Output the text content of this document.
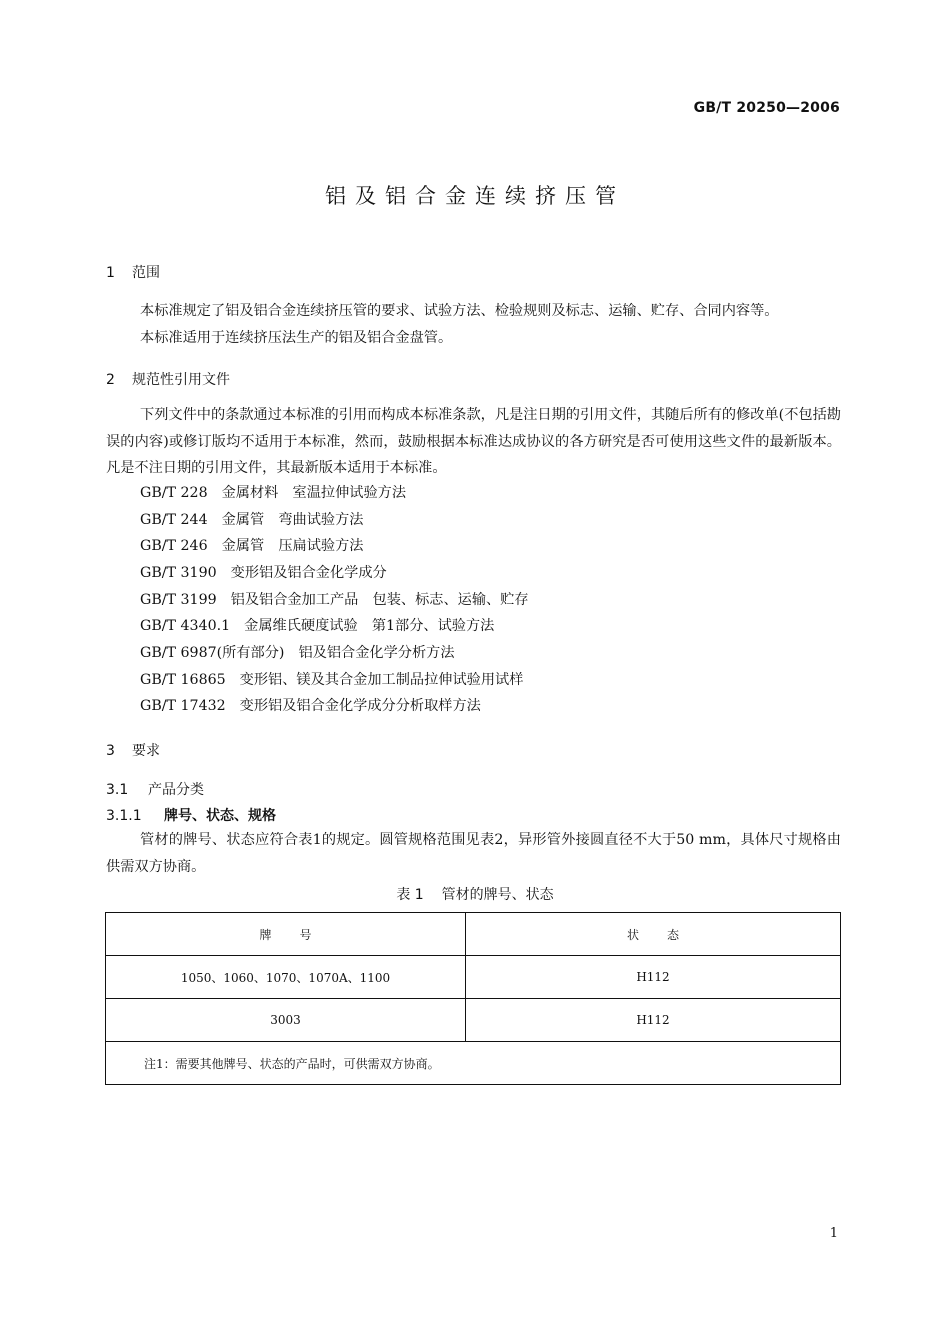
GB/T 20250—2006
铝及铝合金连续挤压管
1 范围
本标准规定了铝及铝合金连续挤压管的要求、试验方法、检验规则及标志、运输、贮存、合同内容等。
本标准适用于连续挤压法生产的铝及铝合金盘管。
2 规范性引用文件
下列文件中的条款通过本标准的引用而构成本标准条款，凡是注日期的引用文件，其随后所有的修改单(不包括勘误的内容)或修订版均不适用于本标准，然而，鼓励根据本标准达成协议的各方研究是否可使用这些文件的最新版本。凡是不注日期的引用文件，其最新版本适用于本标准。
GB/T 228 金属材料　室温拉伸试验方法
GB/T 244 金属管　弯曲试验方法
GB/T 246 金属管　压扁试验方法
GB/T 3190 变形铝及铝合金化学成分
GB/T 3199 铝及铝合金加工产品　包装、标志、运输、贮存
GB/T 4340.1 金属维氏硬度试验　第1部分、试验方法
GB/T 6987(所有部分) 铝及铝合金化学分析方法
GB/T 16865 变形铝、镁及其合金加工制品拉伸试验用试样
GB/T 17432 变形铝及铝合金化学成分分析取样方法
3 要求
3.1 产品分类
3.1.1 牌号、状态、规格
管材的牌号、状态应符合表1的规定。圆管规格范围见表2，异形管外接圆直径不大于50 mm，具体尺寸规格由供需双方协商。
表 1 管材的牌号、状态
牌号	状态
1050、1060、1070、1070A、1100	H112
3003	H112
注1：需要其他牌号、状态的产品时，可供需双方协商。	
1
